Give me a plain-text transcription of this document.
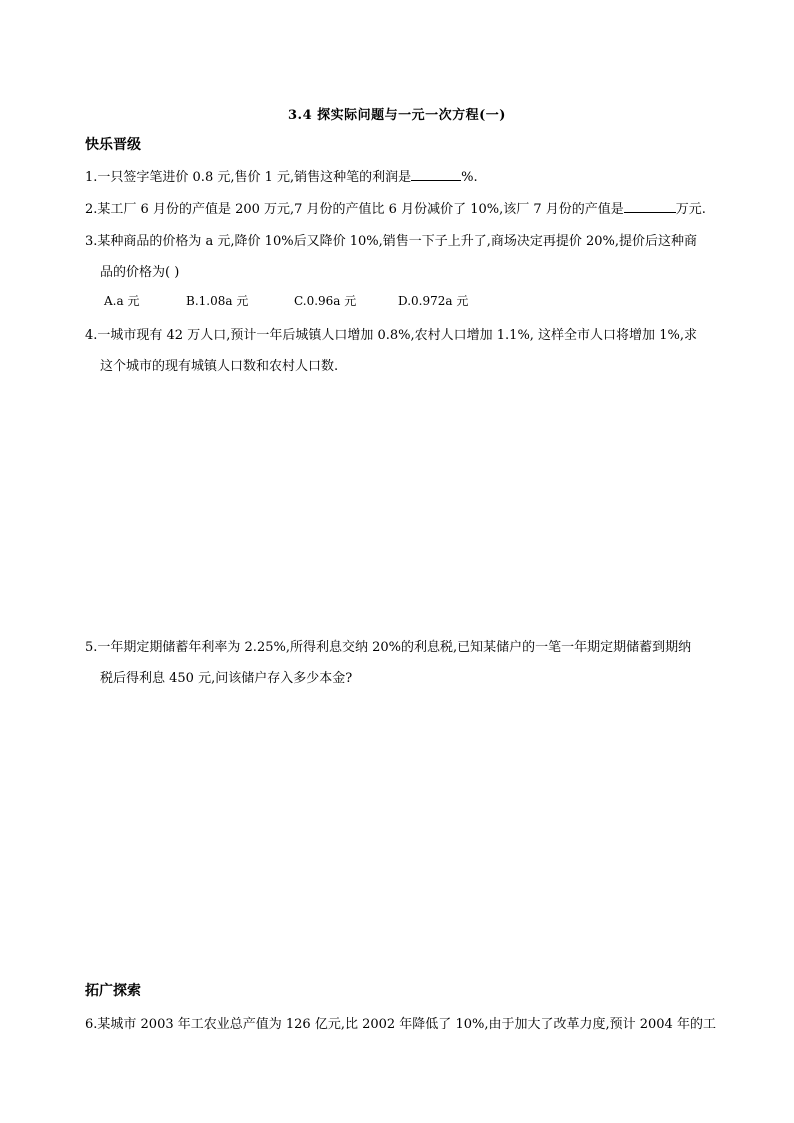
3.4 探实际问题与一元一次方程(一)
快乐晋级
1.一只签字笔进价 0.8 元,售价 1 元,销售这种笔的利润是	%.
2.某工厂 6 月份的产值是 200 万元,7 月份的产值比 6 月份减价了 10%,该厂 7 月份的产值是	万元.
3.某种商品的价格为 a 元,降价 10%后又降价 10%,销售一下子上升了,商场决定再提价 20%,提价后这种商
品的价格为( )
A.a 元	B.1.08a 元	C.0.96a 元	D.0.972a 元
4.一城市现有 42 万人口,预计一年后城镇人口增加 0.8%,农村人口增加 1.1%, 这样全市人口将增加 1%,求
这个城市的现有城镇人口数和农村人口数.
5.一年期定期储蓄年利率为 2.25%,所得利息交纳 20%的利息税,已知某储户的一笔一年期定期储蓄到期纳
税后得利息 450 元,问该储户存入多少本金?
拓广探索
6.某城市 2003 年工农业总产值为 126 亿元,比 2002 年降低了 10%,由于加大了改革力度,预计 2004 年的工
